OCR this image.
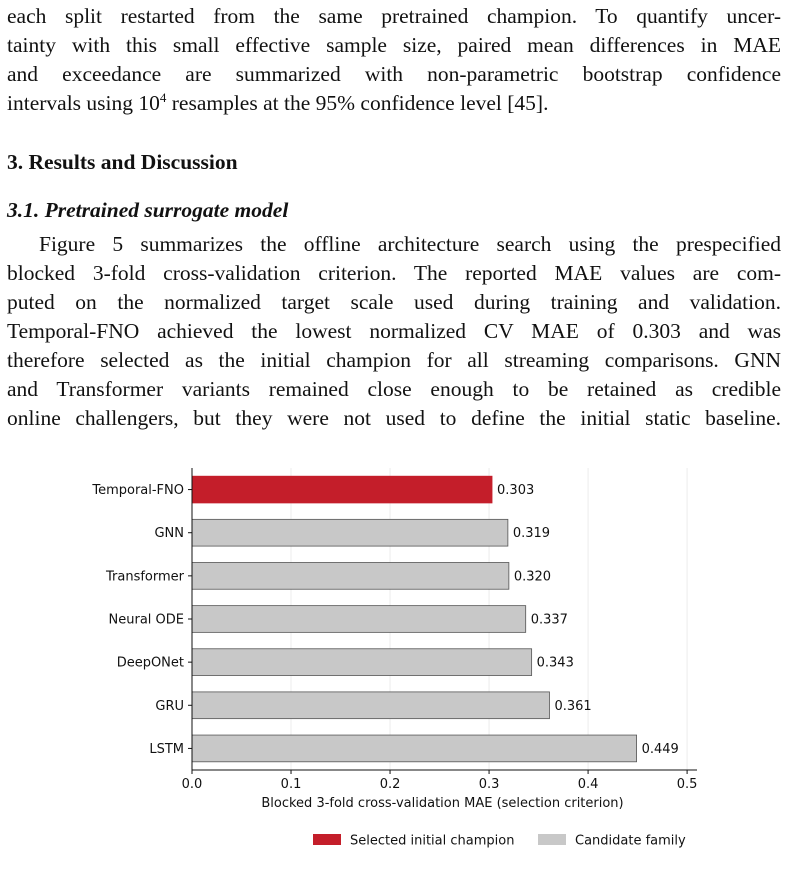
each split restarted from the same pretrained champion. To quantify uncer-
tainty with this small effective sample size, paired mean differences in MAE
and exceedance are summarized with non-parametric bootstrap confidence
intervals using $10^4$ resamples at the 95% confidence level [45].

3. Results and Discussion
3.1. Pretrained surrogate model

Figure 5 summarizes the offline architecture search using the prespecified
blocked 3-fold cross-validation criterion. The reported MAE values are com-
puted on the normalized target scale used during training and validation.
Temporal-FNO achieved the lowest normalized CV MAE of 0.303 and was
therefore selected as the initial champion for all streaming comparisons. GNN
and Transformer variants remained close enough to be retained as credible
online challengers, but they were not used to define the initial static baseline.

Temporal-FNO	0.303
GNN	0.319
Transformer	0.320
Neural ODE	0.337
DeepONet	0.343
GRU	0.361
LSTM	0.449
0.0	0.1	0.2	0.3	0.4	0.5
Blocked 3-fold cross-validation MAE (selection criterion)
Selected initial champion	Candidate family
